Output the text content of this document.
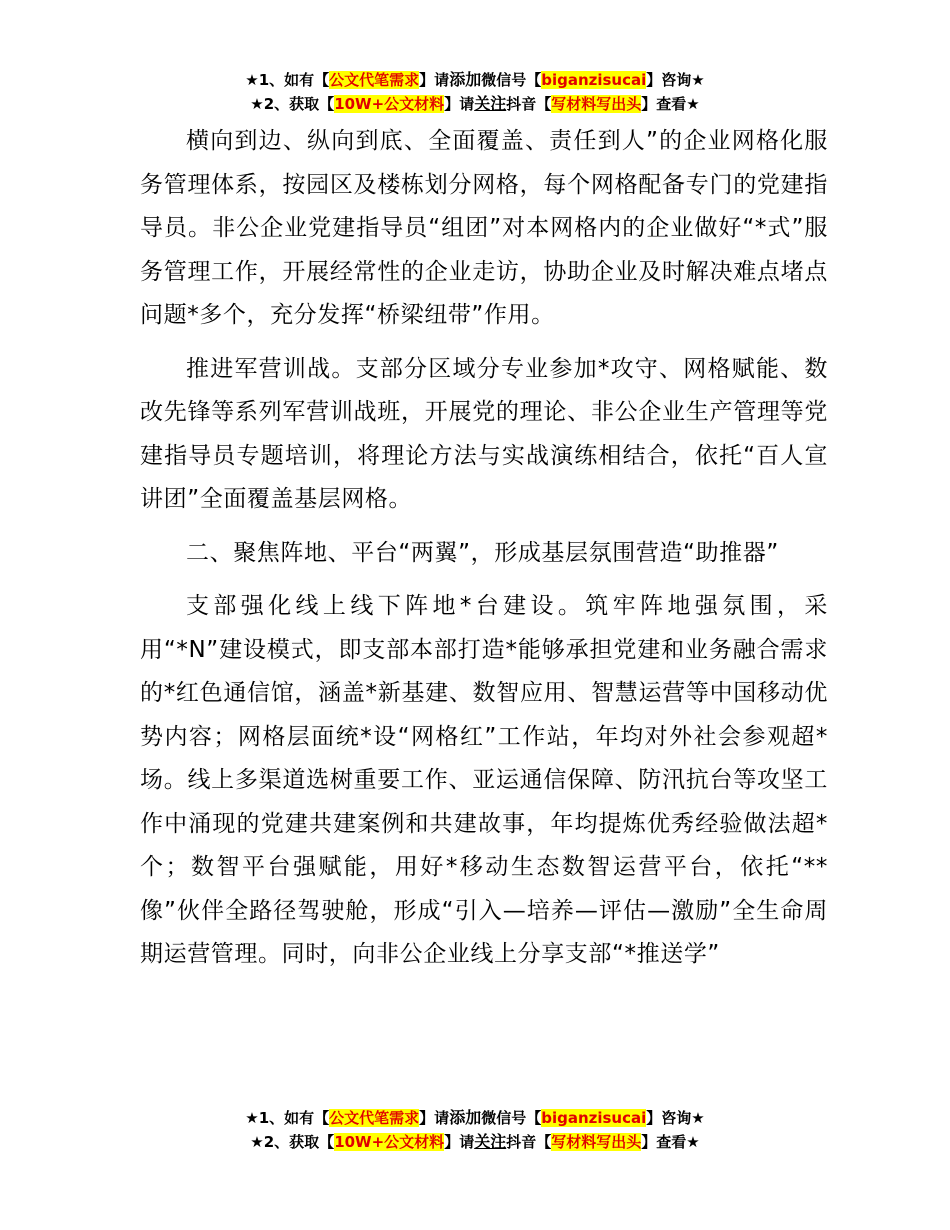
★1、如有【公文代笔需求】请添加微信号【biganzisucai】咨询★
★2、获取【10W+公文材料】请关注抖音【写材料写出头】查看★

横向到边、纵向到底、全面覆盖、责任到人”的企业网格化服务管理体系，按园区及楼栋划分网格，每个网格配备专门的党建指导员。非公企业党建指导员“组团”对本网格内的企业做好“*式”服务管理工作，开展经常性的企业走访，协助企业及时解决难点堵点问题*多个，充分发挥“桥梁纽带”作用。

推进军营训战。支部分区域分专业参加*攻守、网格赋能、数改先锋等系列军营训战班，开展党的理论、非公企业生产管理等党建指导员专题培训，将理论方法与实战演练相结合，依托“百人宣讲团”全面覆盖基层网格。

二、聚焦阵地、平台“两翼”，形成基层氛围营造“助推器”

支部强化线上线下阵地*台建设。筑牢阵地强氛围，采用“*N”建设模式，即支部本部打造*能够承担党建和业务融合需求的*红色通信馆，涵盖*新基建、数智应用、智慧运营等中国移动优势内容；网格层面统*设“网格红”工作站，年均对外社会参观超*场。线上多渠道选树重要工作、亚运通信保障、防汛抗台等攻坚工作中涌现的党建共建案例和共建故事，年均提炼优秀经验做法超*个；数智平台强赋能，用好*移动生态数智运营平台，依托“**像”伙伴全路径驾驶舱，形成“引入—培养—评估—激励”全生命周期运营管理。同时，向非公企业线上分享支部“*推送学”

★1、如有【公文代笔需求】请添加微信号【biganzisucai】咨询★
★2、获取【10W+公文材料】请关注抖音【写材料写出头】查看★
